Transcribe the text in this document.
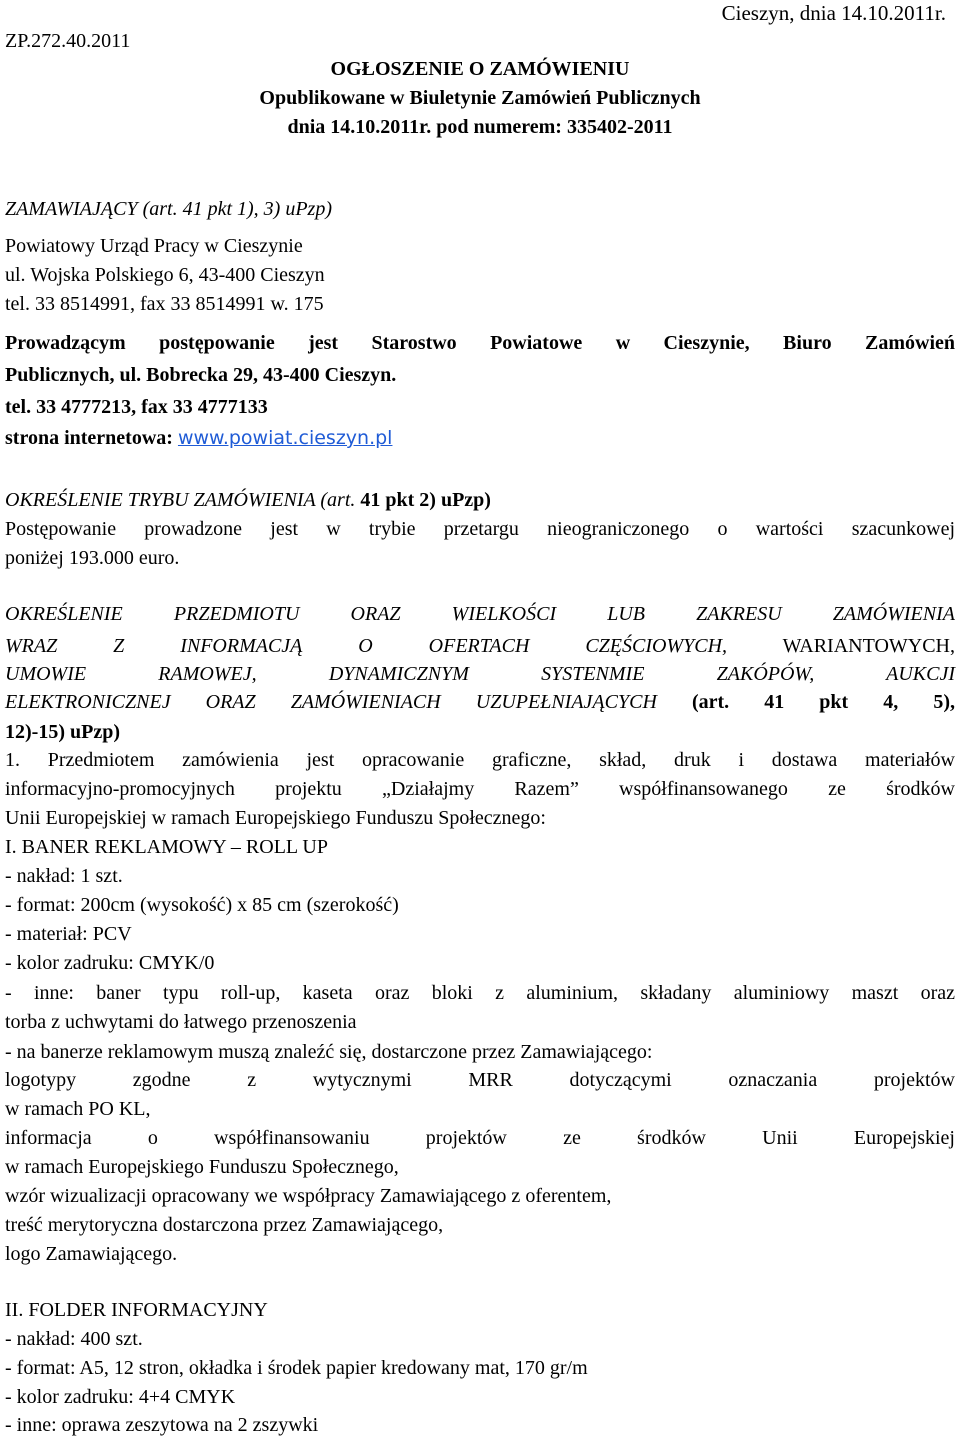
ZP.272.40.2011
Cieszyn, dnia 14.10.2011r.
OGŁOSZENIE O ZAMÓWIENIU
Opublikowane w Biuletynie Zamówień Publicznych
dnia 14.10.2011r. pod numerem: 335402-2011
ZAMAWIAJĄCY (art. 41 pkt 1), 3) uPzp)
Powiatowy Urząd Pracy w Cieszynie
ul. Wojska Polskiego 6, 43-400 Cieszyn
tel. 33 8514991, fax 33 8514991 w. 175
Prowadzącym postępowanie jest Starostwo Powiatowe w Cieszynie, Biuro Zamówień
Publicznych, ul. Bobrecka 29, 43-400 Cieszyn.
tel. 33 4777213, fax 33 4777133
strona internetowa: www.powiat.cieszyn.pl
OKREŚLENIE TRYBU ZAMÓWIENIA (art. 41 pkt 2) uPzp)
Postępowanie prowadzone jest w trybie przetargu nieograniczonego o wartości szacunkowej
poniżej 193.000 euro.
OKREŚLENIE PRZEDMIOTU ORAZ WIELKOŚCI LUB ZAKRESU ZAMÓWIENIA
WRAZ Z INFORMACJĄ O OFERTACH CZĘŚCIOWYCH, WARIANTOWYCH,
UMOWIE RAMOWEJ, DYNAMICZNYM SYSTENMIE ZAKÓPÓW, AUKCJI
ELEKTRONICZNEJ ORAZ ZAMÓWIENIACH UZUPEŁNIAJĄCYCH (art. 41 pkt 4, 5),
12)-15) uPzp)
1. Przedmiotem zamówienia jest opracowanie graficzne, skład, druk i dostawa materiałów
informacyjno-promocyjnych projektu „Działajmy Razem” współfinansowanego ze środków
Unii Europejskiej w ramach Europejskiego Funduszu Społecznego:
I. BANER REKLAMOWY – ROLL UP
- nakład: 1 szt.
- format: 200cm (wysokość) x 85 cm (szerokość)
- materiał: PCV
- kolor zadruku: CMYK/0
- inne: baner typu roll-up, kaseta oraz bloki z aluminium, składany aluminiowy maszt oraz
torba z uchwytami do łatwego przenoszenia
- na banerze reklamowym muszą znaleźć się, dostarczone przez Zamawiającego:
logotypy zgodne z wytycznymi MRR dotyczącymi oznaczania projektów
w ramach PO KL,
informacja o współfinansowaniu projektów ze środków Unii Europejskiej
w ramach Europejskiego Funduszu Społecznego,
wzór wizualizacji opracowany we współpracy Zamawiającego z oferentem,
treść merytoryczna dostarczona przez Zamawiającego,
logo Zamawiającego.
II. FOLDER INFORMACYJNY
- nakład: 400 szt.
- format: A5, 12 stron, okładka i środek papier kredowany mat, 170 gr/m
- kolor zadruku: 4+4 CMYK
- inne: oprawa zeszytowa na 2 zszywki
